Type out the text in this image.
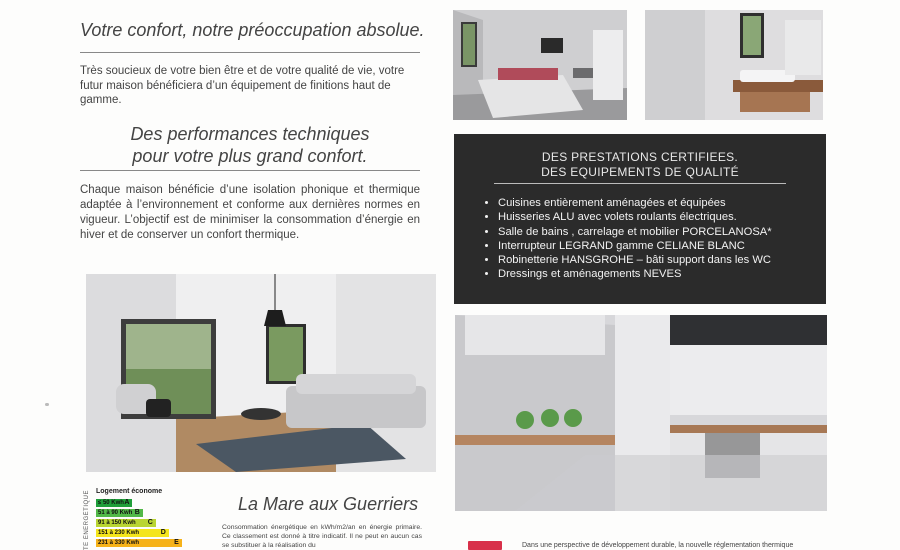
Votre confort, notre préoccupation absolue.
Très soucieux de votre bien être et de votre qualité de vie, votre futur maison bénéficiera d’un équipement de finitions haut de gamme.
Des performances techniques
pour votre plus grand confort.
Chaque maison bénéficie d’une isolation phonique et thermique adaptée à l’environnement et conforme aux dernières normes en vigueur. L’objectif est de minimiser la consommation d’énergie en hiver et de conserver un confort thermique.
DES PRESTATIONS CERTIFIEES.
DES EQUIPEMENTS DE QUALITÉ
• Cuisines entièrement aménagées et équipées
• Huisseries ALU avec volets roulants électriques.
• Salle de bains , carrelage et mobilier PORCELANOSA*
• Interrupteur LEGRAND gamme CELIANE BLANC
• Robinetterie HANSGROHE – bâti support dans les WC
• Dressings et aménagements NEVES
TE ÉNERGÉTIQUE Logement économe
≤ 50 Kwh A
51 à 90 Kwh B
91 à 150 Kwh C
151 à 230 Kwh	D
231 à 330 Kwh	E
La Mare aux Guerriers
Consommation énergétique en kWh/m2/an en énergie primaire. Ce classement est donné à titre indicatif. Il ne peut en aucun cas se substituer à la réalisation du	Dans une perspective de développement durable, la nouvelle réglementation thermique
